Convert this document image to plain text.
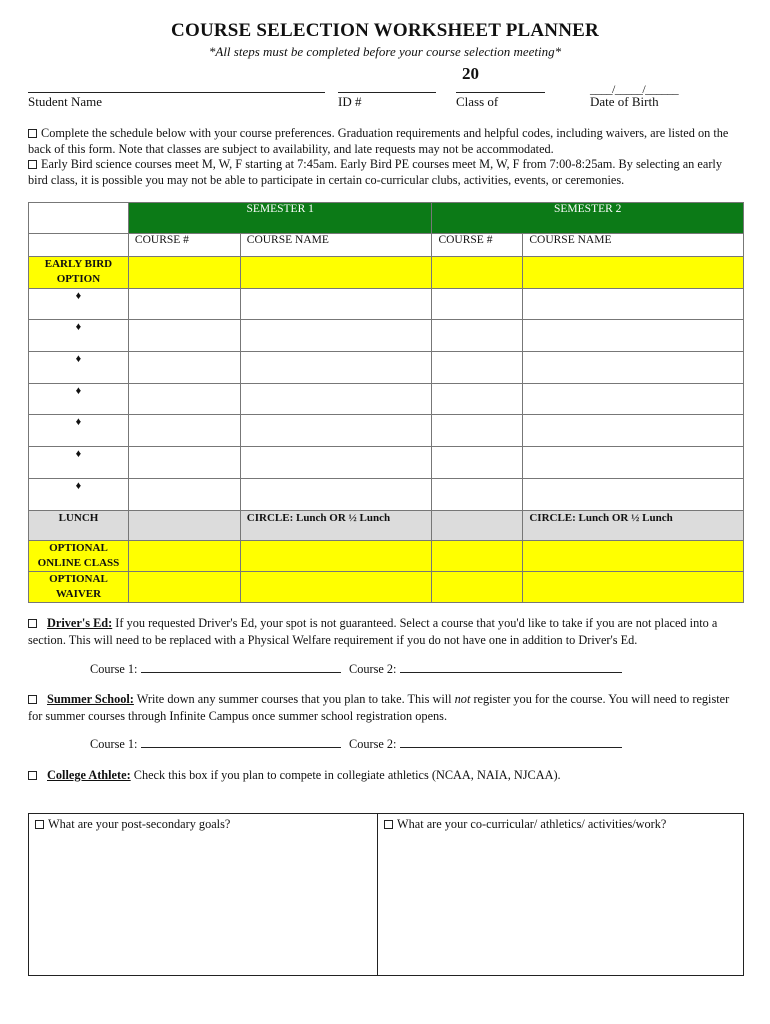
COURSE SELECTION WORKSHEET PLANNER
*All steps must be completed before your course selection meeting*
Student Name	ID #
20
Class of
____/_____/______
Date of Birth
Complete the schedule below with your course preferences. Graduation requirements and helpful codes, including waivers, are listed on the back of this form. Note that classes are subject to availability, and late requests may not be accommodated.
Early Bird science courses meet M, W, F starting at 7:45am. Early Bird PE courses meet M, W, F from 7:00-8:25am. By selecting an early bird class, it is possible you may not be able to participate in certain co-curricular clubs, activities, events, or ceremonies.
	SEMESTER 1		SEMESTER 2	
	COURSE #	COURSE NAME	COURSE #	COURSE NAME
EARLY BIRD
OPTION				
♦				
♦				
♦				
♦				
♦				
♦				
♦				
LUNCH		CIRCLE: Lunch OR ½ Lunch		CIRCLE: Lunch OR ½ Lunch
OPTIONAL
ONLINE CLASS				
OPTIONAL
WAIVER				
Driver's Ed: If you requested Driver's Ed, your spot is not guaranteed. Select a course that you'd like to take if you are not placed into a section. This will need to be replaced with a Physical Welfare requirement if you do not have one in addition to Driver's Ed.
Course 1:	Course 2:
Summer School: Write down any summer courses that you plan to take. This will not register you for the course. You will need to register for summer courses through Infinite Campus once summer school registration opens.
Course 1:	Course 2:
College Athlete: Check this box if you plan to compete in collegiate athletics (NCAA, NAIA, NJCAA).
What are your post-secondary goals?	What are your co-curricular/ athletics/ activities/work?
